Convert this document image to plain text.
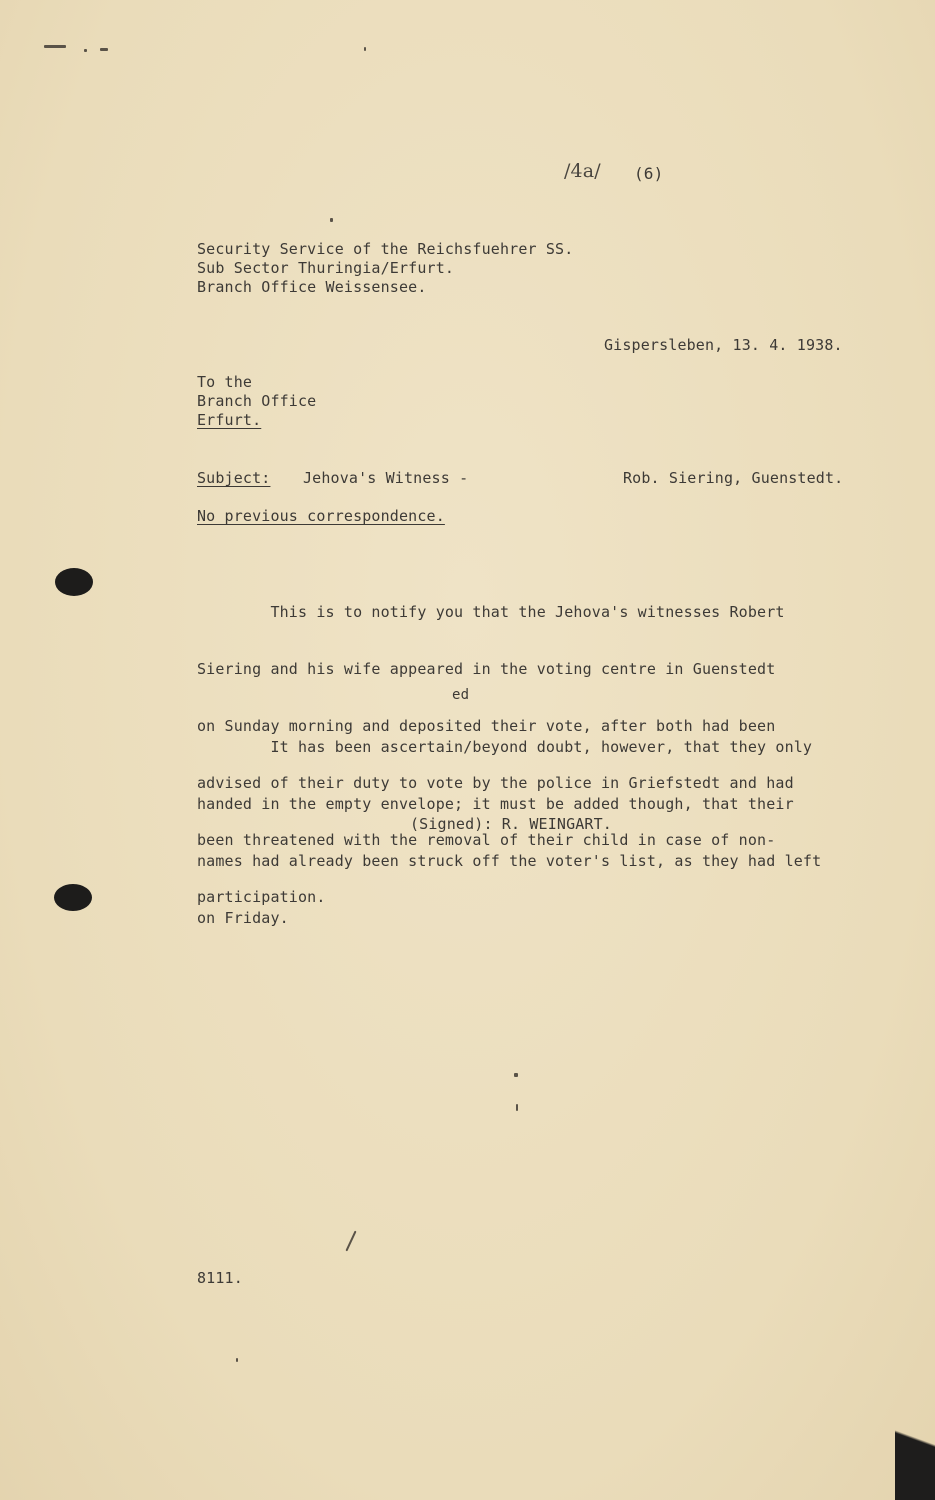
/4a/ (6)
Security Service of the Reichsfuehrer SS.
Sub Sector Thuringia/Erfurt.
Branch Office Weissensee.
Gispersleben, 13. 4. 1938.
To the
Branch Office
Erfurt.
Subject: Jehova's Witness -	Rob. Siering, Guenstedt.
No previous correspondence.

This is to notify you that the Jehova's witnesses Robert

Siering and his wife appeared in the voting centre in Guenstedt

on Sunday morning and deposited their vote, after both had been

advised of their duty to vote by the police in Griefstedt and had

been threatened with the removal of their child in case of non-

participation.

ed

It has been ascertain/beyond doubt, however, that they only

handed in the empty envelope; it must be added though, that their

names had already been struck off the voter's list, as they had left

on Friday.

(Signed): R. WEINGART.
8111.
